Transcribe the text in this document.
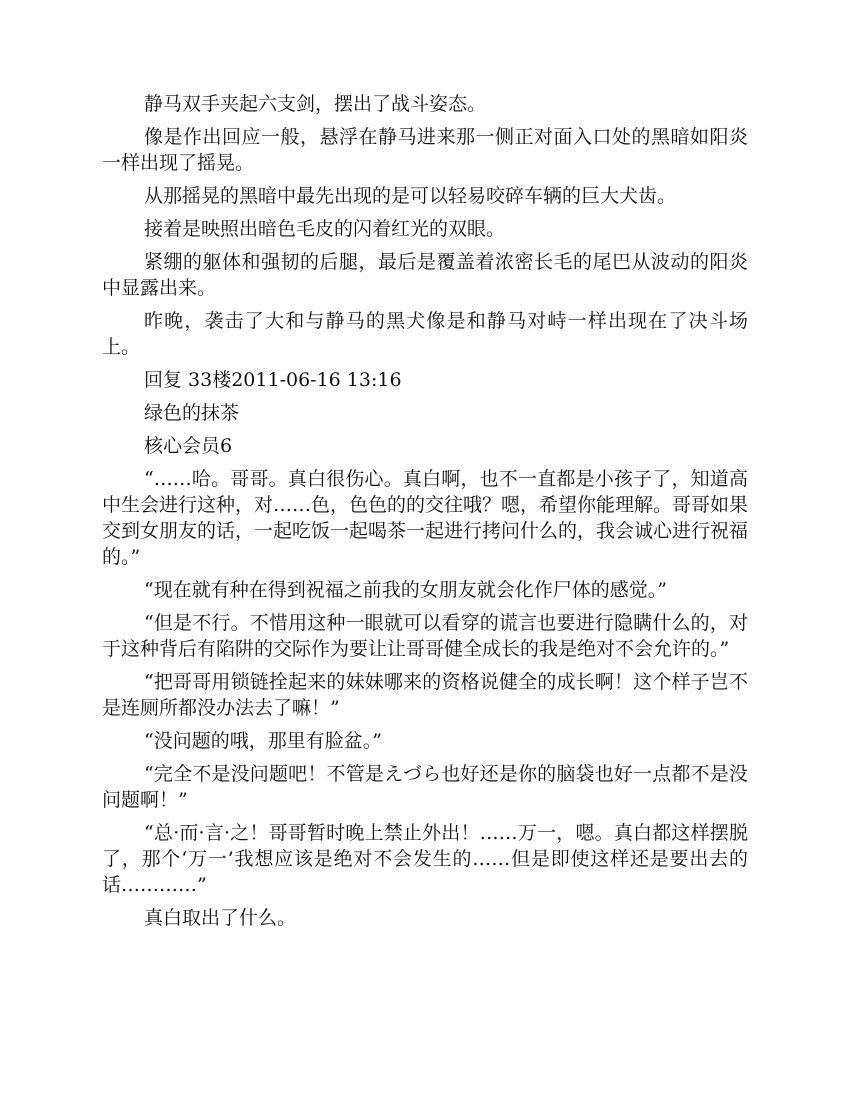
静马双手夹起六支剑，摆出了战斗姿态。

像是作出回应一般，悬浮在静马进来那一侧正对面入口处的黑暗如阳炎一样出现了摇晃。

从那摇晃的黑暗中最先出现的是可以轻易咬碎车辆的巨大犬齿。

接着是映照出暗色毛皮的闪着红光的双眼。

紧绷的躯体和强韧的后腿，最后是覆盖着浓密长毛的尾巴从波动的阳炎中显露出来。

昨晚，袭击了大和与静马的黑犬像是和静马对峙一样出现在了决斗场上。

回复 33楼2011-06-16 13:16

绿色的抹茶

核心会员6

“……哈。哥哥。真白很伤心。真白啊，也不一直都是小孩子了，知道高中生会进行这种，对……色，色色的的交往哦？嗯，希望你能理解。哥哥如果交到女朋友的话，一起吃饭一起喝茶一起进行拷问什么的，我会诚心进行祝福的。”

“现在就有种在得到祝福之前我的女朋友就会化作尸体的感觉。”

“但是不行。不惜用这种一眼就可以看穿的谎言也要进行隐瞒什么的，对于这种背后有陷阱的交际作为要让让哥哥健全成长的我是绝对不会允许的。”

“把哥哥用锁链拴起来的妹妹哪来的资格说健全的成长啊！这个样子岂不是连厕所都没办法去了嘛！”

“没问题的哦，那里有脸盆。”

“完全不是没问题吧！不管是えづら也好还是你的脑袋也好一点都不是没问题啊！”

“总·而·言·之！哥哥暂时晚上禁止外出！……万一，嗯。真白都这样摆脱了，那个‘万一’我想应该是绝对不会发生的……但是即使这样还是要出去的话…………”

真白取出了什么。
